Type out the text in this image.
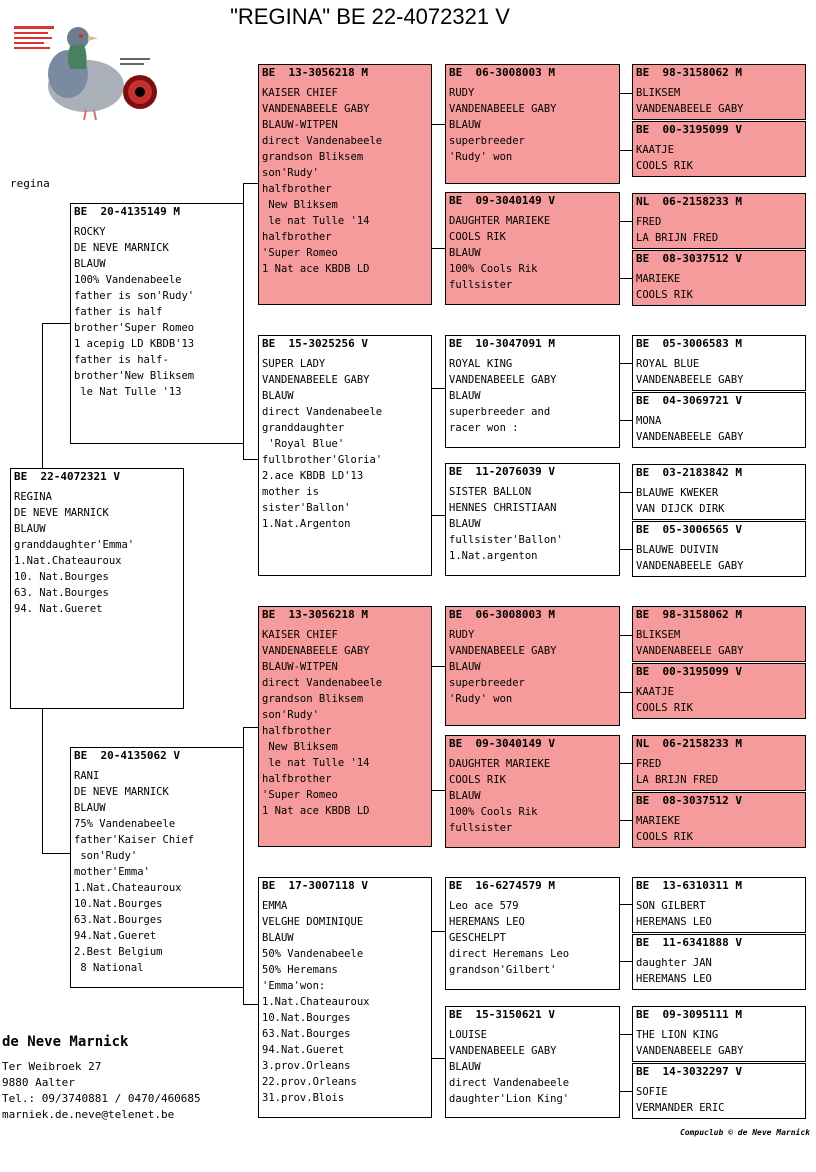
"REGINA" BE 22-4072321 V
regina
BE  22-4072321 V
REGINA
DE NEVE MARNICK
BLAUW
granddaughter'Emma'
1.Nat.Chateauroux
10. Nat.Bourges
63. Nat.Bourges
94. Nat.Gueret
BE  20-4135149 M
ROCKY
DE NEVE MARNICK
BLAUW
100% Vandenabeele
father is son'Rudy'
father is half
brother'Super Romeo
1 acepig LD KBDB'13
father is half-
brother'New Bliksem
le Nat Tulle '13
BE  20-4135062 V
RANI
DE NEVE MARNICK
BLAUW
75% Vandenabeele
father'Kaiser Chief
son'Rudy'
mother'Emma'
1.Nat.Chateauroux
10.Nat.Bourges
63.Nat.Bourges
94.Nat.Gueret
2.Best Belgium
8 National
BE  13-3056218 M
KAISER CHIEF
VANDENABEELE GABY
BLAUW-WITPEN
direct Vandenabeele
grandson Bliksem
son'Rudy'
halfbrother
New Bliksem
le nat Tulle '14
halfbrother
'Super Romeo
1 Nat ace KBDB LD
BE  15-3025256 V
SUPER LADY
VANDENABEELE GABY
BLAUW
direct Vandenabeele
granddaughter
'Royal Blue'
fullbrother'Gloria'
2.ace KBDB LD'13
mother is
sister'Ballon'
1.Nat.Argenton
BE  13-3056218 M
KAISER CHIEF
VANDENABEELE GABY
BLAUW-WITPEN
direct Vandenabeele
grandson Bliksem
son'Rudy'
halfbrother
New Bliksem
le nat Tulle '14
halfbrother
'Super Romeo
1 Nat ace KBDB LD
BE  17-3007118 V
EMMA
VELGHE DOMINIQUE
BLAUW
50% Vandenabeele
50% Heremans
'Emma'won:
1.Nat.Chateauroux
10.Nat.Bourges
63.Nat.Bourges
94.Nat.Gueret
3.prov.Orleans
22.prov.Orleans
31.prov.Blois
BE  06-3008003 M
RUDY
VANDENABEELE GABY
BLAUW
superbreeder
'Rudy' won
BE  09-3040149 V
DAUGHTER MARIEKE
COOLS RIK
BLAUW
100% Cools Rik
fullsister
BE  10-3047091 M
ROYAL KING
VANDENABEELE GABY
BLAUW
superbreeder and
racer won :
BE  11-2076039 V
SISTER BALLON
HENNES CHRISTIAAN
BLAUW
fullsister'Ballon'
1.Nat.argenton
BE  06-3008003 M
RUDY
VANDENABEELE GABY
BLAUW
superbreeder
'Rudy' won
BE  09-3040149 V
DAUGHTER MARIEKE
COOLS RIK
BLAUW
100% Cools Rik
fullsister
BE  16-6274579 M
Leo ace 579
HEREMANS LEO
GESCHELPT
direct Heremans Leo
grandson'Gilbert'
BE  15-3150621 V
LOUISE
VANDENABEELE GABY
BLAUW
direct Vandenabeele
daughter'Lion King'
BE  98-3158062 M
BLIKSEM
VANDENABEELE GABY
BE  00-3195099 V
KAATJE
COOLS RIK
NL  06-2158233 M
FRED
LA BRIJN FRED
BE  08-3037512 V
MARIEKE
COOLS RIK
BE  05-3006583 M
ROYAL BLUE
VANDENABEELE GABY
BE  04-3069721 V
MONA
VANDENABEELE GABY
BE  03-2183842 M
BLAUWE KWEKER
VAN DIJCK DIRK
BE  05-3006565 V
BLAUWE DUIVIN
VANDENABEELE GABY
BE  98-3158062 M
BLIKSEM
VANDENABEELE GABY
BE  00-3195099 V
KAATJE
COOLS RIK
NL  06-2158233 M
FRED
LA BRIJN FRED
BE  08-3037512 V
MARIEKE
COOLS RIK
BE  13-6310311 M
SON GILBERT
HEREMANS LEO
BE  11-6341888 V
daughter JAN
HEREMANS LEO
BE  09-3095111 M
THE LION KING
VANDENABEELE GABY
BE  14-3032297 V
SOFIE
VERMANDER ERIC
de Neve Marnick
Ter Weibroek 27
9880 Aalter
Tel.: 09/3740881 / 0470/460685
marniek.de.neve@telenet.be
Compuclub © de Neve Marnick
